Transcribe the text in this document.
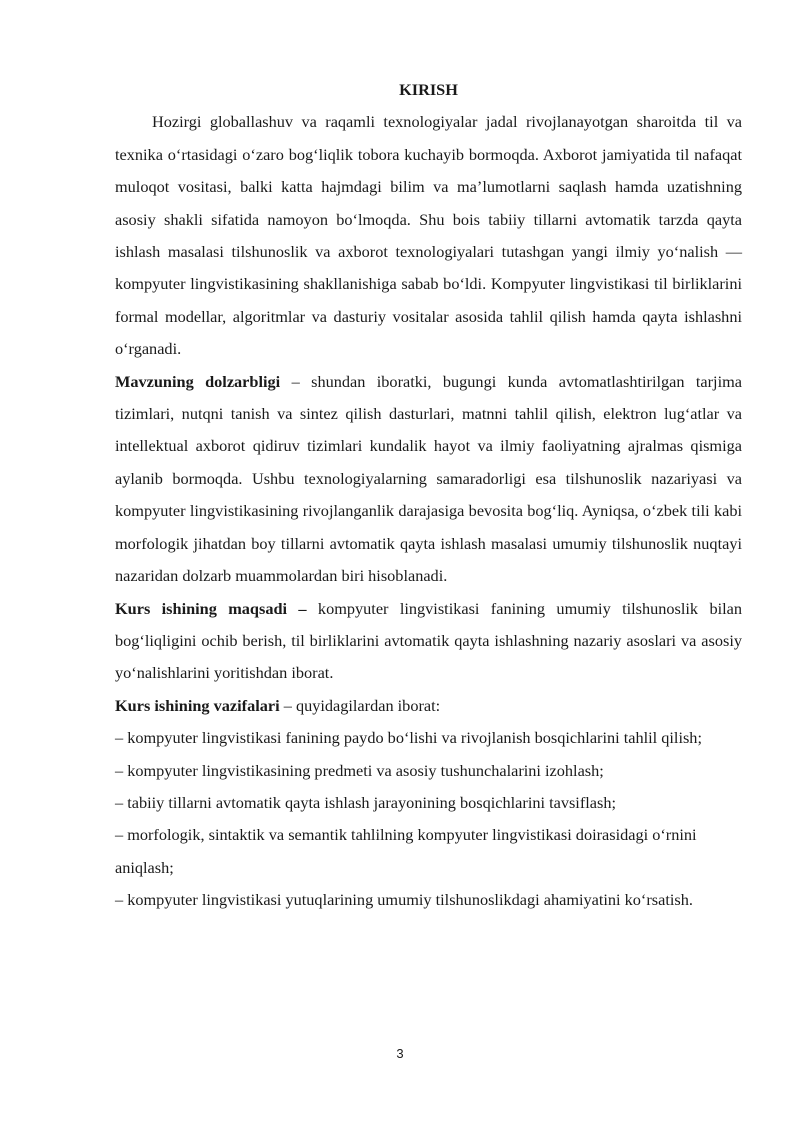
KIRISH

Hozirgi globallashuv va raqamli texnologiyalar jadal rivojlanayotgan sharoitda til va texnika o‘rtasidagi o‘zaro bog‘liqlik tobora kuchayib bormoqda. Axborot jamiyatida til nafaqat muloqot vositasi, balki katta hajmdagi bilim va ma’lumotlarni saqlash hamda uzatishning asosiy shakli sifatida namoyon bo‘lmoqda. Shu bois tabiiy tillarni avtomatik tarzda qayta ishlash masalasi tilshunoslik va axborot texnologiyalari tutashgan yangi ilmiy yo‘nalish — kompyuter lingvistikasining shakllanishiga sabab bo‘ldi. Kompyuter lingvistikasi til birliklarini formal modellar, algoritmlar va dasturiy vositalar asosida tahlil qilish hamda qayta ishlashni o‘rganadi.

Mavzuning dolzarbligi – shundan iboratki, bugungi kunda avtomatlashtirilgan tarjima tizimlari, nutqni tanish va sintez qilish dasturlari, matnni tahlil qilish, elektron lug‘atlar va intellektual axborot qidiruv tizimlari kundalik hayot va ilmiy faoliyatning ajralmas qismiga aylanib bormoqda. Ushbu texnologiyalarning samaradorligi esa tilshunoslik nazariyasi va kompyuter lingvistikasining rivojlanganlik darajasiga bevosita bog‘liq. Ayniqsa, o‘zbek tili kabi morfologik jihatdan boy tillarni avtomatik qayta ishlash masalasi umumiy tilshunoslik nuqtayi nazaridan dolzarb muammolardan biri hisoblanadi.

Kurs ishining maqsadi – kompyuter lingvistikasi fanining umumiy tilshunoslik bilan bog‘liqligini ochib berish, til birliklarini avtomatik qayta ishlashning nazariy asoslari va asosiy yo‘nalishlarini yoritishdan iborat.

Kurs ishining vazifalari – quyidagilardan iborat:

– kompyuter lingvistikasi fanining paydo bo‘lishi va rivojlanish bosqichlarini tahlil qilish;

– kompyuter lingvistikasining predmeti va asosiy tushunchalarini izohlash;

– tabiiy tillarni avtomatik qayta ishlash jarayonining bosqichlarini tavsiflash;

– morfologik, sintaktik va semantik tahlilning kompyuter lingvistikasi doirasidagi o‘rnini aniqlash;

– kompyuter lingvistikasi yutuqlarining umumiy tilshunoslikdagi ahamiyatini ko‘rsatish.

3
